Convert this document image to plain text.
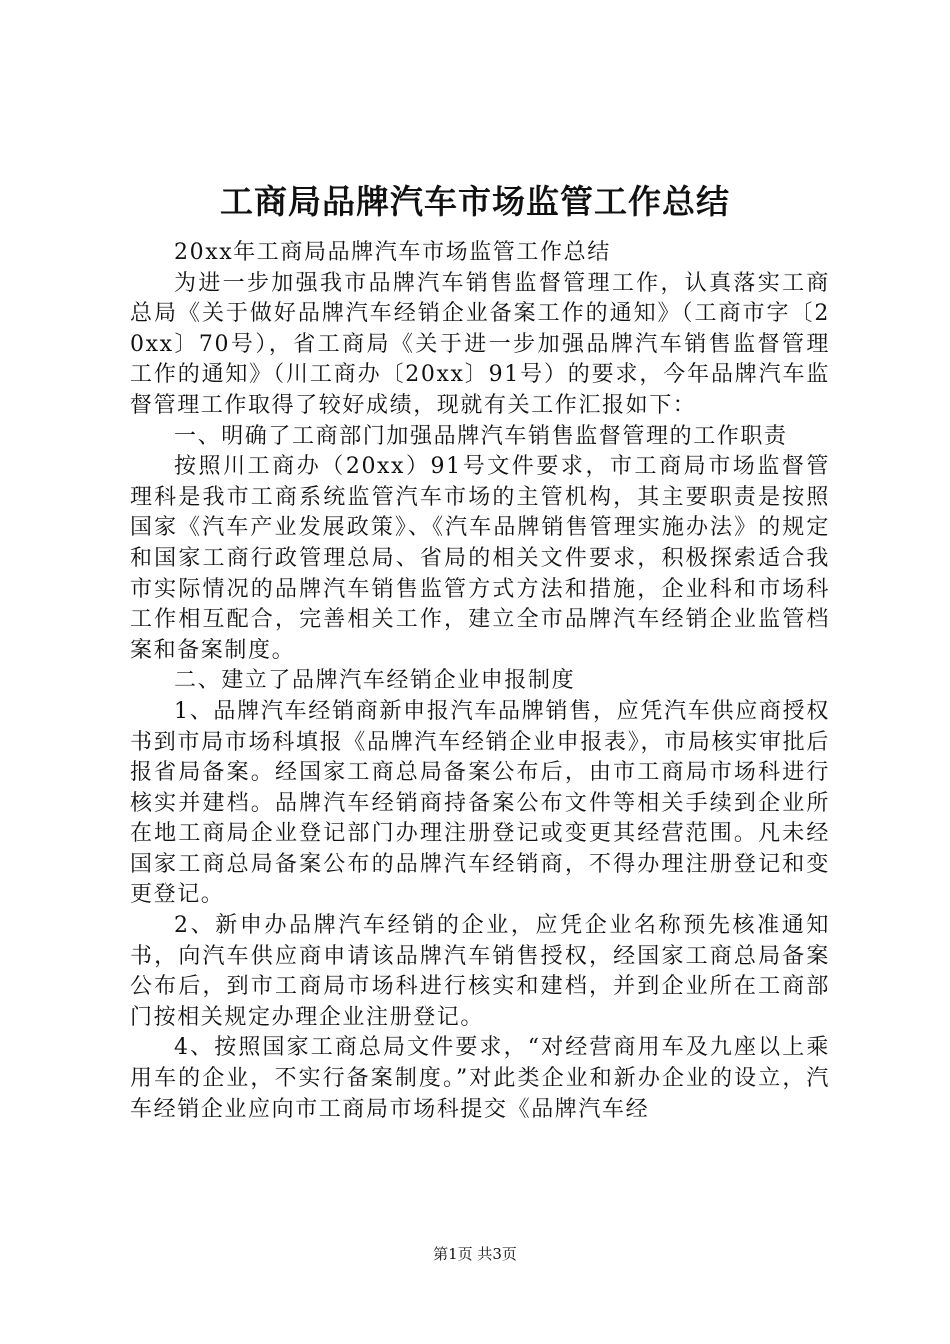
工商局品牌汽车市场监管工作总结

20xx年工商局品牌汽车市场监管工作总结

为进一步加强我市品牌汽车销售监督管理工作，认真落实工商总局《关于做好品牌汽车经销企业备案工作的通知》（工商市字〔20xx〕70号），省工商局《关于进一步加强品牌汽车销售监督管理工作的通知》（川工商办〔20xx〕91号）的要求，今年品牌汽车监督管理工作取得了较好成绩，现就有关工作汇报如下：

一、明确了工商部门加强品牌汽车销售监督管理的工作职责

按照川工商办（20xx）91号文件要求，市工商局市场监督管理科是我市工商系统监管汽车市场的主管机构，其主要职责是按照国家《汽车产业发展政策》、《汽车品牌销售管理实施办法》的规定和国家工商行政管理总局、省局的相关文件要求，积极探索适合我市实际情况的品牌汽车销售监管方式方法和措施，企业科和市场科工作相互配合，完善相关工作，建立全市品牌汽车经销企业监管档案和备案制度。

二、建立了品牌汽车经销企业申报制度

1、品牌汽车经销商新申报汽车品牌销售，应凭汽车供应商授权书到市局市场科填报《品牌汽车经销企业申报表》，市局核实审批后报省局备案。经国家工商总局备案公布后，由市工商局市场科进行核实并建档。品牌汽车经销商持备案公布文件等相关手续到企业所在地工商局企业登记部门办理注册登记或变更其经营范围。凡未经国家工商总局备案公布的品牌汽车经销商，不得办理注册登记和变更登记。

2、新申办品牌汽车经销的企业，应凭企业名称预先核准通知书，向汽车供应商申请该品牌汽车销售授权，经国家工商总局备案公布后，到市工商局市场科进行核实和建档，并到企业所在工商部门按相关规定办理企业注册登记。

4、按照国家工商总局文件要求，“对经营商用车及九座以上乘用车的企业，不实行备案制度。”对此类企业和新办企业的设立，汽车经销企业应向市工商局市场科提交《品牌汽车经

第1页 共3页
